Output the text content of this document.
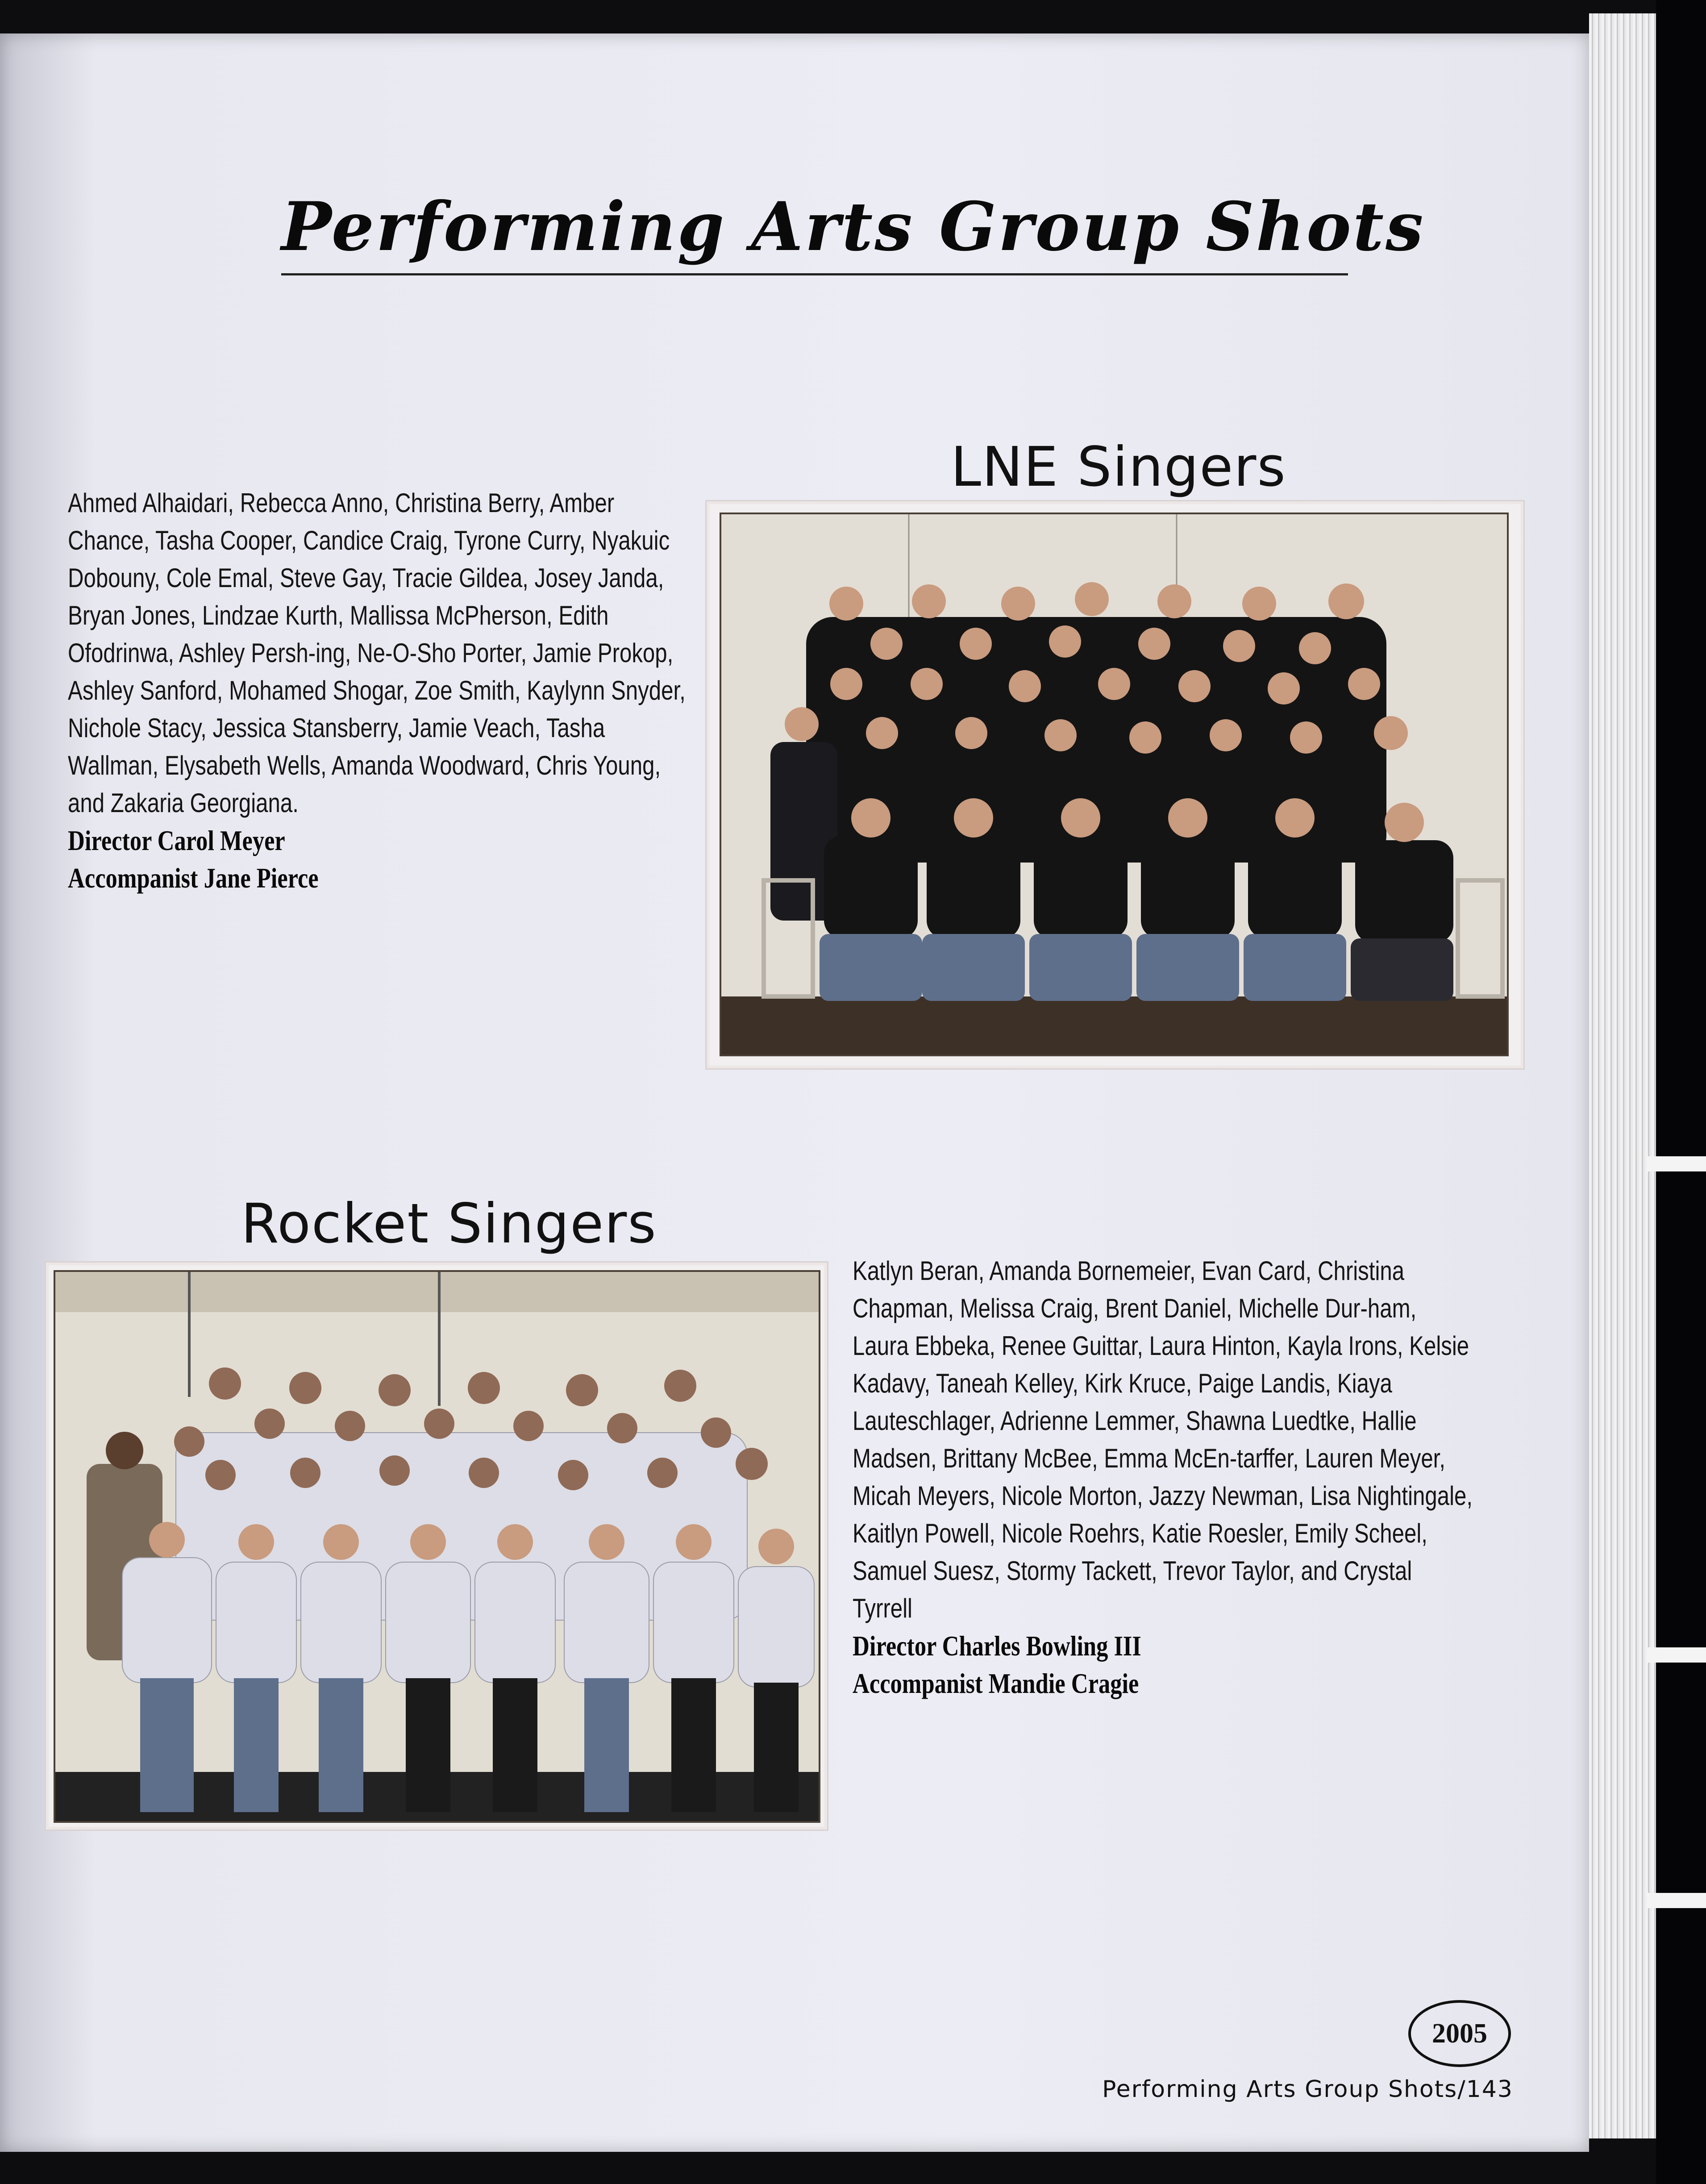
Performing Arts Group Shots
LNE Singers
Ahmed Alhaidari, Rebecca Anno, Christina Berry, Amber Chance, Tasha Cooper, Candice Craig, Tyrone Curry, Nyakuic Dobouny, Cole Emal, Steve Gay, Tracie Gildea, Josey Janda, Bryan Jones, Lindzae Kurth, Mallissa McPherson, Edith Ofodrinwa, Ashley Persh-ing, Ne-O-Sho Porter, Jamie Prokop, Ashley Sanford, Mohamed Shogar, Zoe Smith, Kaylynn Snyder, Nichole Stacy, Jessica Stansberry, Jamie Veach, Tasha Wallman, Elysabeth Wells, Amanda Woodward, Chris Young, and Zakaria Georgiana.
Director Carol Meyer
Accompanist Jane Pierce
Rocket Singers
Katlyn Beran, Amanda Bornemeier, Evan Card, Christina Chapman, Melissa Craig, Brent Daniel, Michelle Dur-ham, Laura Ebbeka, Renee Guittar, Laura Hinton, Kayla Irons, Kelsie Kadavy, Taneah Kelley, Kirk Kruce, Paige Landis, Kiaya Lauteschlager, Adrienne Lemmer, Shawna Luedtke, Hallie Madsen, Brittany McBee, Emma McEn-tarffer, Lauren Meyer, Micah Meyers, Nicole Morton, Jazzy Newman, Lisa Nightingale, Kaitlyn Powell, Nicole Roehrs, Katie Roesler, Emily Scheel, Samuel Suesz, Stormy Tackett, Trevor Taylor, and Crystal Tyrrell
Director Charles Bowling III
Accompanist Mandie Cragie
2005
Performing Arts Group Shots/143
